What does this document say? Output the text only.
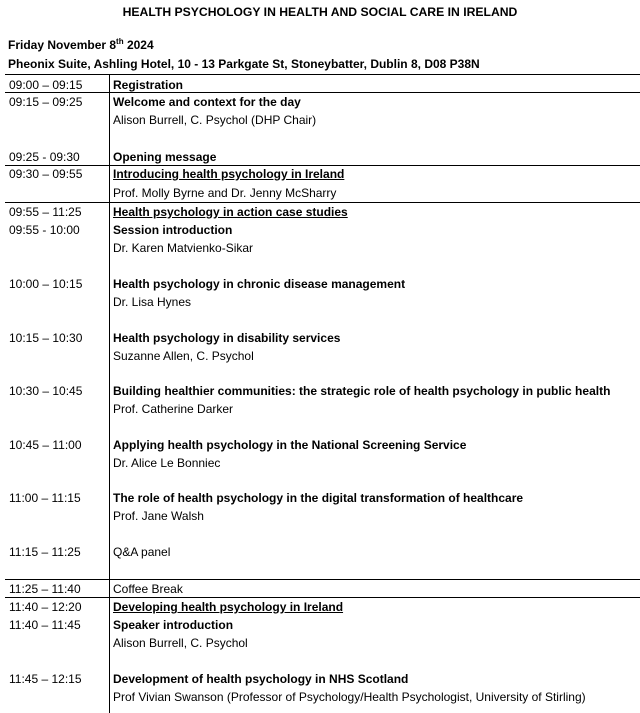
HEALTH PSYCHOLOGY IN HEALTH AND SOCIAL CARE IN IRELAND
Friday November 8th 2024
Pheonix Suite, Ashling Hotel, 10 - 13 Parkgate St, Stoneybatter, Dublin 8, D08 P38N
09:00 – 09:15	Registration
09:15 – 09:25	Welcome and context for the day
Alison Burrell, C. Psychol (DHP Chair)
09:25 - 09:30	Opening message
09:30 – 09:55	Introducing health psychology in Ireland
Prof. Molly Byrne and Dr. Jenny McSharry
09:55 – 11:25	Health psychology in action case studies
09:55 - 10:00	Session introduction
Dr. Karen Matvienko-Sikar
10:00 – 10:15	Health psychology in chronic disease management
Dr. Lisa Hynes
10:15 – 10:30	Health psychology in disability services
Suzanne Allen, C. Psychol
10:30 – 10:45	Building healthier communities: the strategic role of health psychology in public health
Prof. Catherine Darker
10:45 – 11:00	Applying health psychology in the National Screening Service
Dr. Alice Le Bonniec
11:00 – 11:15	The role of health psychology in the digital transformation of healthcare
Prof. Jane Walsh
11:15 – 11:25	Q&A panel
11:25 – 11:40	Coffee Break
11:40 – 12:20	Developing health psychology in Ireland
11:40 – 11:45	Speaker introduction
Alison Burrell, C. Psychol
11:45 – 12:15	Development of health psychology in NHS Scotland
Prof Vivian Swanson (Professor of Psychology/Health Psychologist, University of Stirling)
